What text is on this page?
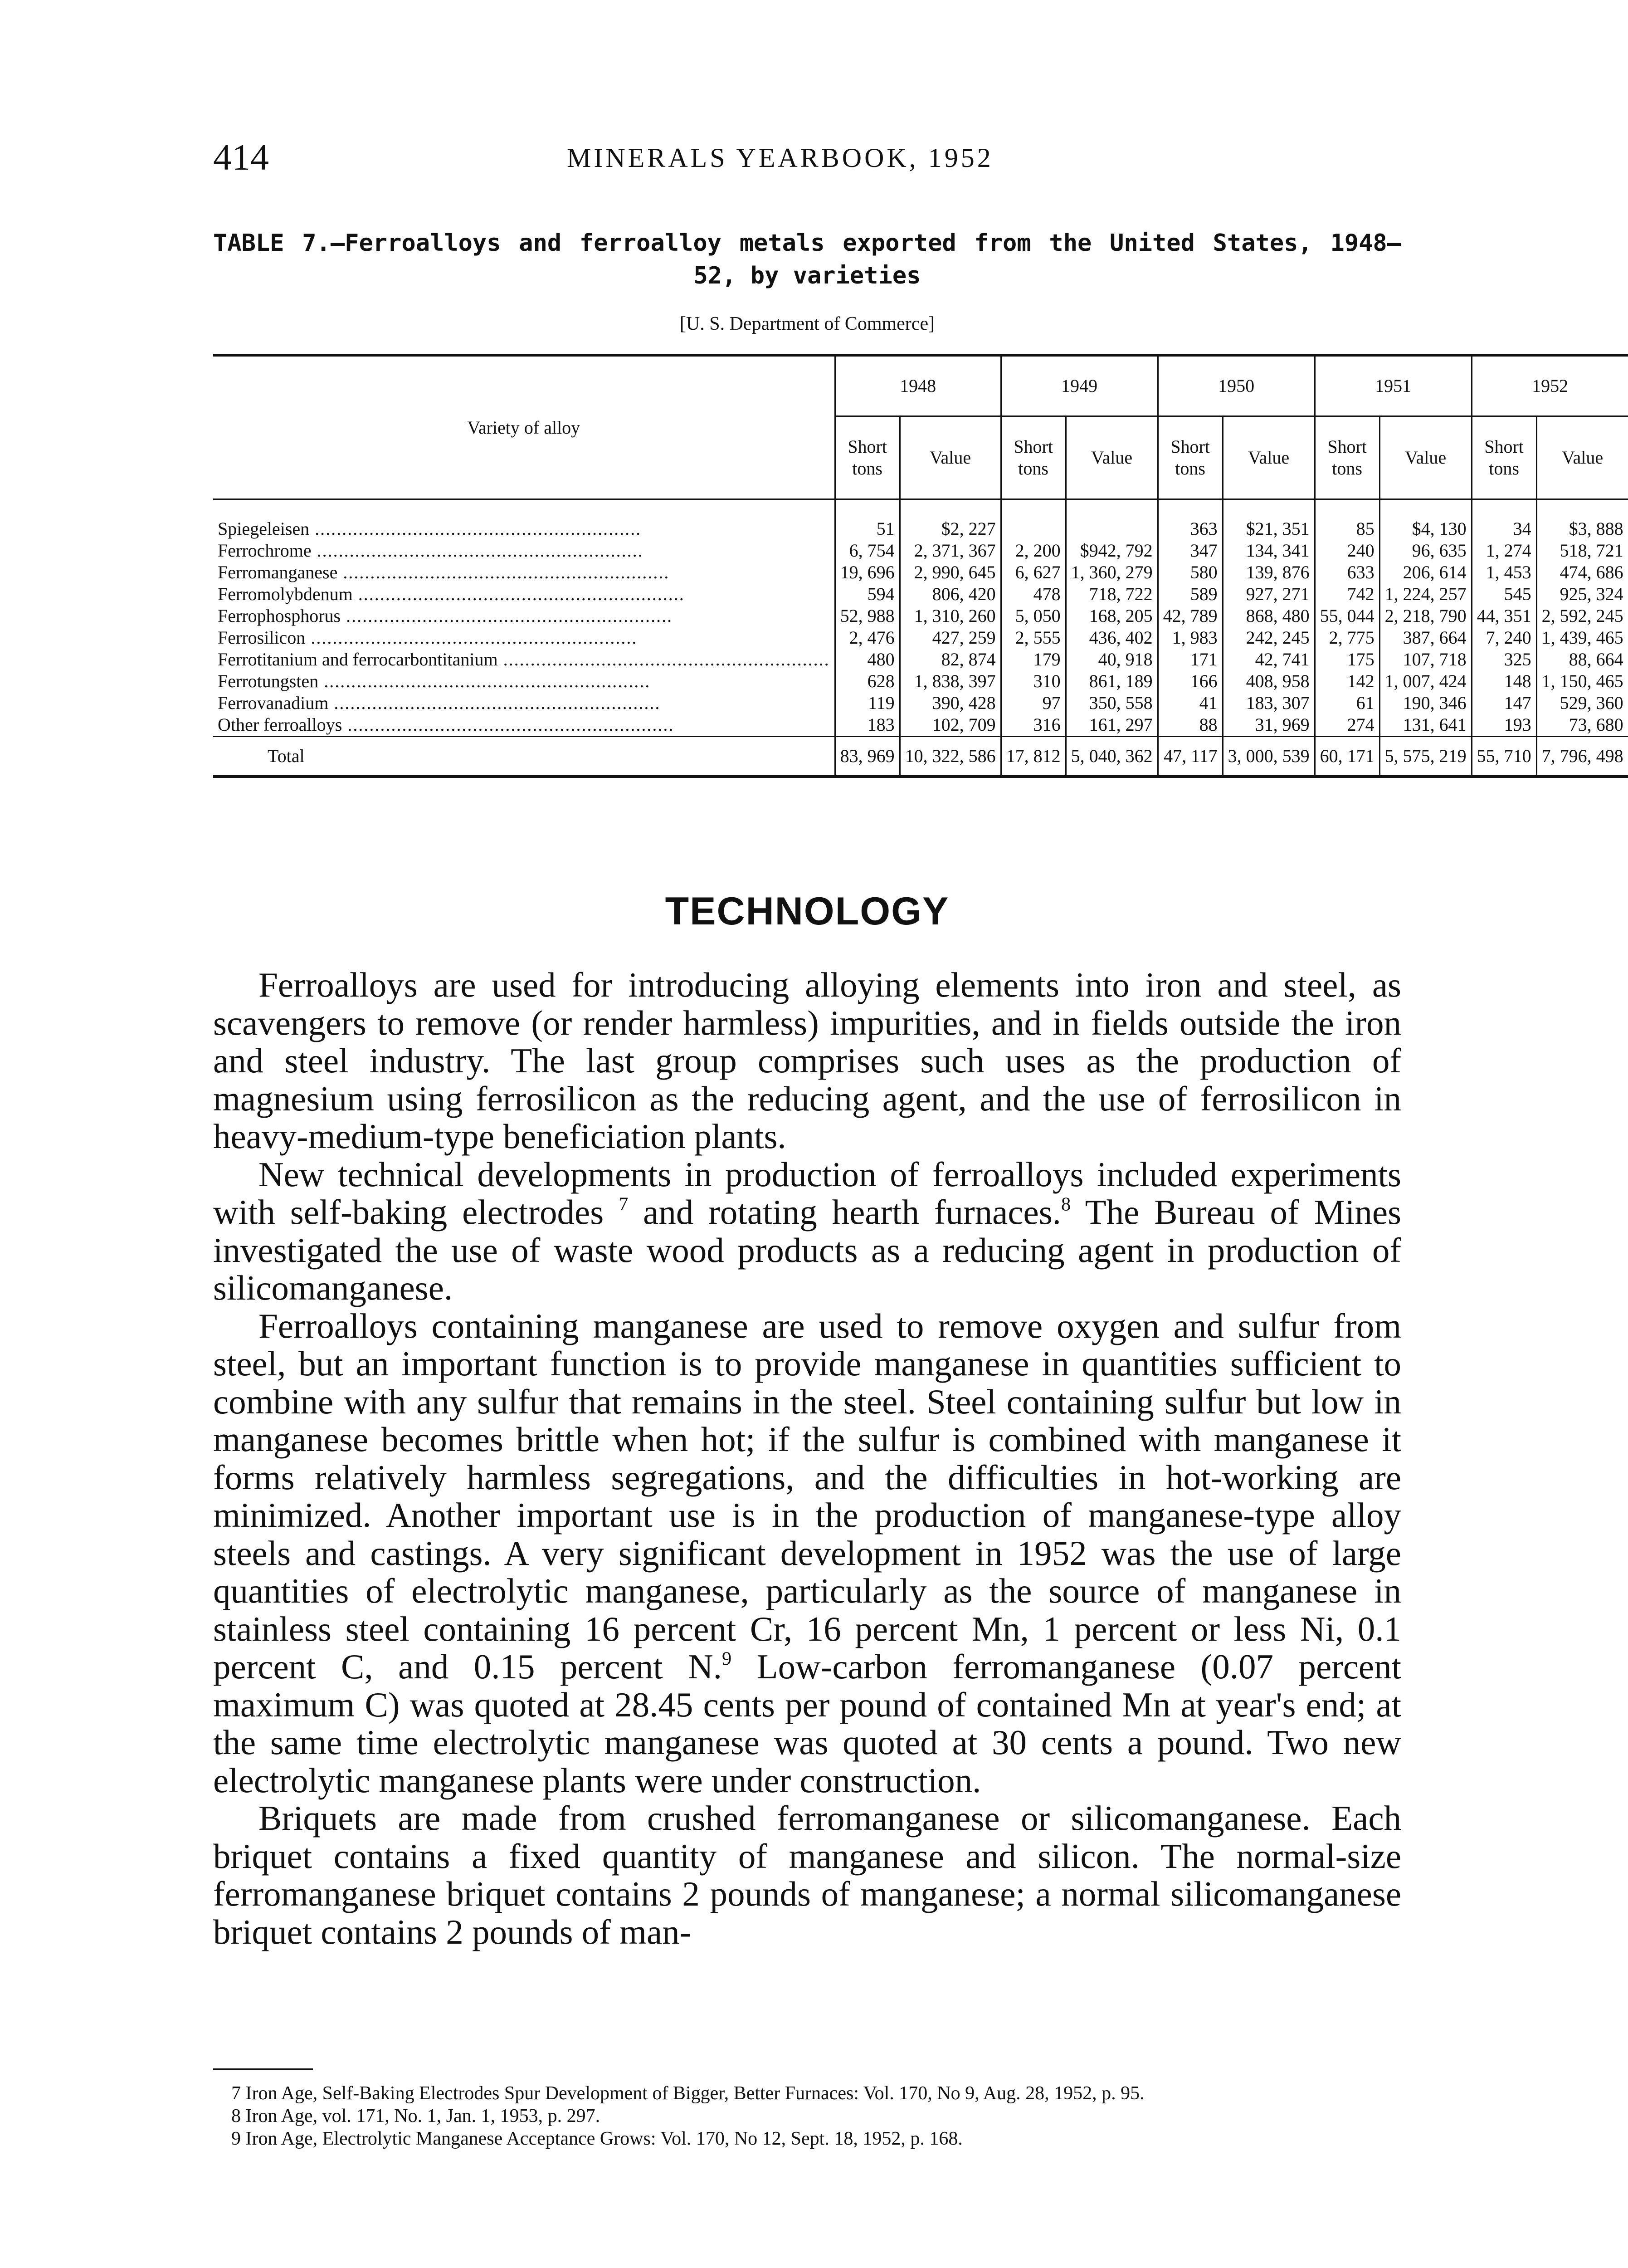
414	MINERALS YEARBOOK, 1952
TABLE 7.—Ferroalloys and ferroalloy metals exported from the United States, 1948–52, by varieties
[U. S. Department of Commerce]
Variety of alloy	1948		1949		1950		1951		1952	
	Short tons	Value	Short tons	Value	Short tons	Value	Short tons	Value	Short tons	Value

Spiegeleisen .....	51	$2, 227			363	$21, 351	85	$4, 130	34	$3, 888

Ferrochrome .....	6, 754	2, 371, 367	2, 200	$942, 792	347	134, 341	240	96, 635	1, 274	518, 721

Ferromanganese .....	19, 696	2, 990, 645	6, 627	1, 360, 279	580	139, 876	633	206, 614	1, 453	474, 686

Ferromolybdenum .....	594	806, 420	478	718, 722	589	927, 271	742	1, 224, 257	545	925, 324

Ferrophosphorus .....	52, 988	1, 310, 260	5, 050	168, 205	42, 789	868, 480	55, 044	2, 218, 790	44, 351	2, 592, 245

Ferrosilicon .....	2, 476	427, 259	2, 555	436, 402	1, 983	242, 245	2, 775	387, 664	7, 240	1, 439, 465

Ferrotitanium and ferrocarbontitanium .....	480	82, 874	179	40, 918	171	42, 741	175	107, 718	325	88, 664

Ferrotungsten .....	628	1, 838, 397	310	861, 189	166	408, 958	142	1, 007, 424	148	1, 150, 465

Ferrovanadium .....	119	390, 428	97	350, 558	41	183, 307	61	190, 346	147	529, 360

Other ferroalloys .....	183	102, 709	316	161, 297	88	31, 969	274	131, 641	193	73, 680

Total	83, 969	10, 322, 586	17, 812	5, 040, 362	47, 117	3, 000, 539	60, 171	5, 575, 219	55, 710	7, 796, 498
TECHNOLOGY

Ferroalloys are used for introducing alloying elements into iron and steel, as scavengers to remove (or render harmless) impurities, and in fields outside the iron and steel industry. The last group comprises such uses as the production of magnesium using ferrosilicon as the reducing agent, and the use of ferrosilicon in heavy-medium-type beneficiation plants.

New technical developments in production of ferroalloys included experiments with self-baking electrodes $^7$ and rotating hearth furnaces.$^8$ The Bureau of Mines investigated the use of waste wood products as a reducing agent in production of silicomanganese.

Ferroalloys containing manganese are used to remove oxygen and sulfur from steel, but an important function is to provide manganese in quantities sufficient to combine with any sulfur that remains in the steel. Steel containing sulfur but low in manganese becomes brittle when hot; if the sulfur is combined with manganese it forms relatively harmless segregations, and the difficulties in hot-working are minimized. Another important use is in the production of manganese-type alloy steels and castings. A very significant development in 1952 was the use of large quantities of electrolytic manganese, particularly as the source of manganese in stainless steel containing 16 percent Cr, 16 percent Mn, 1 percent or less Ni, 0.1 percent C, and 0.15 percent N.$^9$ Low-carbon ferromanganese (0.07 percent maximum C) was quoted at 28.45 cents per pound of contained Mn at year's end; at the same time electrolytic manganese was quoted at 30 cents a pound. Two new electrolytic manganese plants were under construction.

Briquets are made from crushed ferromanganese or silicomanganese. Each briquet contains a fixed quantity of manganese and silicon. The normal-size ferromanganese briquet contains 2 pounds of manganese; a normal silicomanganese briquet contains 2 pounds of man-

7 Iron Age, Self-Baking Electrodes Spur Development of Bigger, Better Furnaces: Vol. 170, No 9, Aug. 28, 1952, p. 95.

8 Iron Age, vol. 171, No. 1, Jan. 1, 1953, p. 297.

9 Iron Age, Electrolytic Manganese Acceptance Grows: Vol. 170, No 12, Sept. 18, 1952, p. 168.
